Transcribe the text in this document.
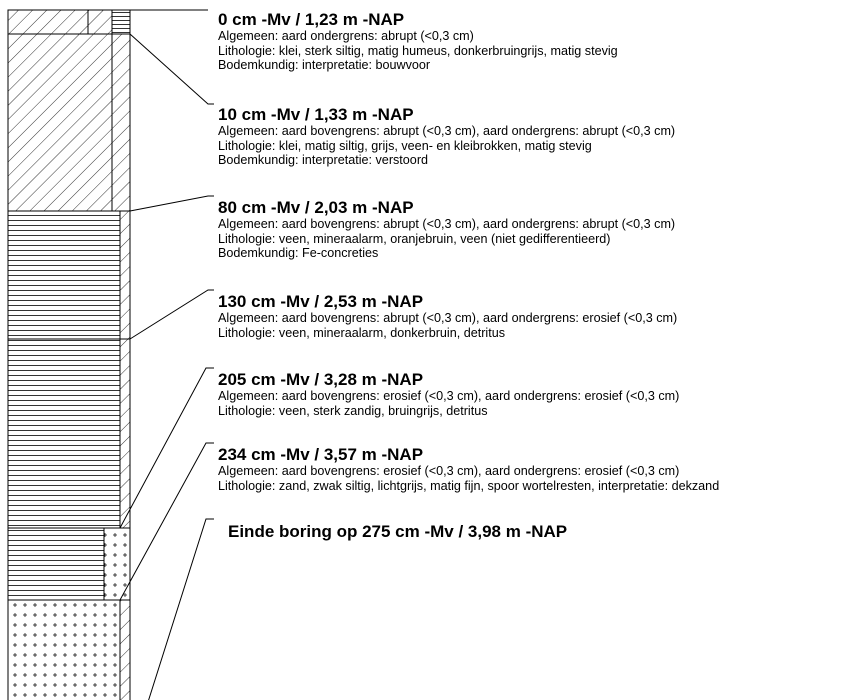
0 cm -Mv / 1,23 m -NAP
Algemeen: aard ondergrens: abrupt (<0,3 cm)
Lithologie: klei, sterk siltig, matig humeus, donkerbruingrijs, matig stevig
Bodemkundig: interpretatie: bouwvoor
10 cm -Mv / 1,33 m -NAP
Algemeen: aard bovengrens: abrupt (<0,3 cm), aard ondergrens: abrupt (<0,3 cm)
Lithologie: klei, matig siltig, grijs, veen- en kleibrokken, matig stevig
Bodemkundig: interpretatie: verstoord
80 cm -Mv / 2,03 m -NAP
Algemeen: aard bovengrens: abrupt (<0,3 cm), aard ondergrens: abrupt (<0,3 cm)
Lithologie: veen, mineraalarm, oranjebruin, veen (niet gedifferentieerd)
Bodemkundig: Fe-concreties
130 cm -Mv / 2,53 m -NAP
Algemeen: aard bovengrens: abrupt (<0,3 cm), aard ondergrens: erosief (<0,3 cm)
Lithologie: veen, mineraalarm, donkerbruin, detritus
205 cm -Mv / 3,28 m -NAP
Algemeen: aard bovengrens: erosief (<0,3 cm), aard ondergrens: erosief (<0,3 cm)
Lithologie: veen, sterk zandig, bruingrijs, detritus
234 cm -Mv / 3,57 m -NAP
Algemeen: aard bovengrens: erosief (<0,3 cm), aard ondergrens: erosief (<0,3 cm)
Lithologie: zand, zwak siltig, lichtgrijs, matig fijn, spoor wortelresten, interpretatie: dekzand
Einde boring op 275 cm -Mv / 3,98 m -NAP
